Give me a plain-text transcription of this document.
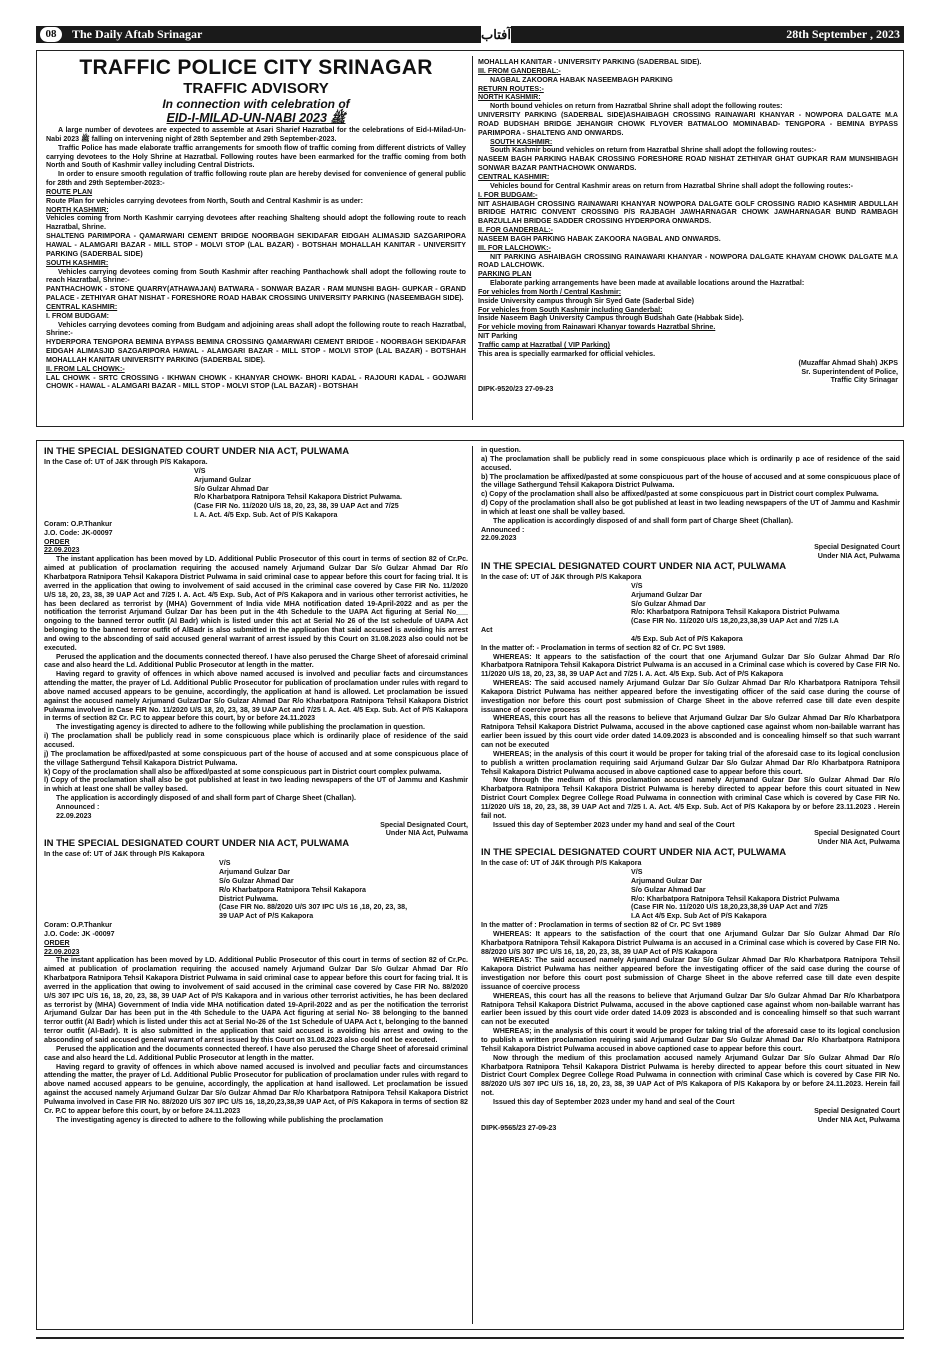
08	The Daily Aftab Srinagar	آفتاب	28th September , 2023
TRAFFIC POLICE CITY SRINAGAR
TRAFFIC ADVISORY
In connection with celebration of
EID-I-MILAD-UN-NABI ﷺ 2023

A large number of devotees are expected to assemble at Asari Sharief Hazratbal for the celebrations of Eid-I-Milad-Un-Nabi ﷺ 2023 falling on intervening night of 28th September and 29th September-2023.

Traffic Police has made elaborate traffic arrangements for smooth flow of traffic coming from different districts of Valley carrying devotees to the Holy Shrine at Hazratbal. Following routes have been earmarked for the traffic coming from both North and South of Kashmir valley including Central Districts.

In order to ensure smooth regulation of traffic following route plan are hereby devised for convenience of general public for 28th and 29th September-2023:-

ROUTE PLAN

Route Plan for vehicles carrying devotees from North, South and Central Kashmir is as under:

NORTH KASHMIR:

Vehicles coming from North Kashmir carrying devotees after reaching Shalteng should adopt the following route to reach Hazratbal, Shrine.

SHALTENG PARIMPORA - QAMARWARI CEMENT BRIDGE NOORBAGH SEKIDAFAR EIDGAH ALIMASJID SAZGARIPORA HAWAL - ALAMGARI BAZAR - MILL STOP - MOLVI STOP (LAL BAZAR) - BOTSHAH MOHALLAH KANITAR - UNIVERSITY PARKING (SADERBAL SIDE)

SOUTH KASHMIR:

Vehicles carrying devotees coming from South Kashmir after reaching Panthachowk shall adopt the following route to reach Hazratbal, Shrine:-

PANTHACHOWK - STONE QUARRY(ATHAWAJAN) BATWARA - SONWAR BAZAR - RAM MUNSHI BAGH- GUPKAR - GRAND PALACE - ZETHIYAR GHAT NISHAT - FORESHORE ROAD HABAK CROSSING UNIVERSITY PARKING (NASEEMBAGH SIDE).

CENTRAL KASHMIR:

I. FROM BUDGAM:

Vehicles carrying devotees coming from Budgam and adjoining areas shall adopt the following route to reach Hazratbal, Shrine:-

HYDERPORA TENGPORA BEMINA BYPASS BEMINA CROSSING QAMARWARI CEMENT BRIDGE - NOORBAGH SEKIDAFAR EIDGAH ALIMASJID SAZGARIPORA HAWAL - ALAMGARI BAZAR - MILL STOP - MOLVI STOP (LAL BAZAR) - BOTSHAH MOHALLAH KANITAR UNIVERSITY PARKING (SADERBAL SIDE).

II. FROM LAL CHOWK:-

LAL CHOWK - SRTC CROSSING - IKHWAN CHOWK - KHANYAR CHOWK- BHORI KADAL - RAJOURI KADAL - GOJWARI CHOWK - HAWAL - ALAMGARI BAZAR - MILL STOP - MOLVI STOP (LAL BAZAR) - BOTSHAH

MOHALLAH KANITAR - UNIVERSITY PARKING (SADERBAL SIDE).

III. FROM GANDERBAL:-

NAGBAL ZAKOORA HABAK NASEEMBAGH PARKING

RETURN ROUTES:-

NORTH KASHMIR:

North bound vehicles on return from Hazratbal Shrine shall adopt the following routes:

UNIVERSITY PARKING (SADERBAL SIDE)ASHAIBAGH CROSSING RAINAWARI KHANYAR - NOWPORA DALGATE M.A ROAD BUDSHAH BRIDGE JEHANGIR CHOWK FLYOVER BATMALOO MOMINABAD- TENGPORA - BEMINA BYPASS PARIMPORA - SHALTENG AND ONWARDS.

SOUTH KASHMIR:

South Kashmir bound vehicles on return from Hazratbal Shrine shall adopt the following routes:-

NASEEM BAGH PARKING HABAK CROSSING FORESHORE ROAD NISHAT ZETHIYAR GHAT GUPKAR RAM MUNSHIBAGH SONWAR BAZAR PANTHACHOWK ONWARDS.

CENTRAL KASHMIR:

Vehicles bound for Central Kashmir areas on return from Hazratbal Shrine shall adopt the following routes:-

I. FOR BUDGAM:-

NIT ASHAIBAGH CROSSING RAINAWARI KHANYAR NOWPORA DALGATE GOLF CROSSING RADIO KASHMIR ABDULLAH BRIDGE HATRIC CONVENT CROSSING P/S RAJBAGH JAWHARNAGAR CHOWK JAWHARNAGAR BUND RAMBAGH BARZULLAH BRIDGE SADDER CROSSING HYDERPORA ONWARDS.

II. FOR GANDERBAL:-

NASEEM BAGH PARKING HABAK ZAKOORA NAGBAL AND ONWARDS.

III. FOR LALCHOWK:-

NIT PARKING ASHAIBAGH CROSSING RAINAWARI KHANYAR - NOWPORA DALGATE KHAYAM CHOWK DALGATE M.A ROAD LALCHOWK.

PARKING PLAN

Elaborate parking arrangements have been made at available locations around the Hazratbal:

For vehicles from North / Central Kashmir:

Inside University campus through Sir Syed Gate (Saderbal Side)

For vehicles from South Kashmir including Ganderbal:

Inside Naseem Bagh University Campus through Budshah Gate (Habbak Side).

For vehicle moving from Rainawari Khanyar towards Hazratbal Shrine.

NIT Parking

Traffic camp at Hazratbal ( VIP Parking)

This area is specially earmarked for official vehicles.

(Muzaffar Ahmad Shah) JKPS

Sr. Superintendent of Police,

Traffic City Srinagar

DIPK-9520/23 27-09-23

IN THE SPECIAL DESIGNATED COURT UNDER NIA ACT, PULWAMA

In the Case of: UT of J&K through P/S Kakapora.

V/S

Arjumand Gulzar

S/o Gulzar Ahmad Dar

R/o Kharbatpora Ratnipora Tehsil Kakapora District Pulwama.

(Case FIR No. 11/2020 U/S 18, 20, 23, 38, 39 UAP Act and 7/25

I. A. Act. 4/5 Exp. Sub. Act of P/S Kakapora

Coram: O.P.Thankur

J.O. Code: JK-00097

ORDER

22.09.2023

The instant application has been moved by LD. Additional Public Prosecutor of this court in terms of section 82 of Cr.Pc. aimed at publication of proclamation requiring the accused namely Arjumand Gulzar Dar S/o Gulzar Ahmad Dar R/o Kharbatpora Ratnipora Tehsil Kakapora District Pulwama in said criminal case to appear before this court for facing trial. It is averred in the application that owing to involvement of said accused in the criminal case covered by Case FIR No. 11/2020 U/S 18, 20, 23, 38, 39 UAP Act and 7/25 I. A. Act. 4/5 Exp. Sub, Act of P/S Kakapora and in various other terrorist activities, he has been declared as terrorist by (MHA) Government of India vide MHA notification dated 19-April-2022 and as per the notification the terrorist Arjumand Gulzar Dar has been put in the 4th Schedule to the UAPA Act figuring at Serial No___ ongoing to the banned terror outfit (Al Badr) which is listed under this act at Serial No 26 of the Ist schedule of UAPA Act belonging to the banned terror outfit of AlBadr is also submitted in the application that said accused is avoiding his arrest and owing to the absconding of said accused general warrant of arrest issued by this Court on 31.08.2023 also could not be executed.

Perused the application and the documents connected thereof. I have also perused the Charge Sheet of aforesaid criminal case and also heard the Ld. Additional Public Prosecutor at length in the matter.

Having regard to gravity of offences in which above named accused is involved and peculiar facts and circumstances attending the matter, the prayer of Ld. Additional Public Prosecutor for publication of proclamation under rules with regard to above named accused appears to be genuine, accordingly, the application at hand is allowed. Let proclamation be issued against the accused namely Arjumand GulzarDar S/o Gulzar Ahmad Dar R/o Kharbatpora Ratnipora Tehsil Kakapora District Pulwama involved in Case FIR No. 11/2020 U/S 18, 20, 23, 38, 39 UAP Act and 7/25 I. A. Act. 4/5 Exp. Sub. Act of P/S Kakapora in terms of section 82 Cr. P.C to appear before this court, by or before 24.11.2023

The investigating agency is directed to adhere to the following while publishing the proclamation in question.

i) The proclamation shall be publicly read in some conspicuous place which is ordinarily place of residence of the said accused.

j) The proclamation be affixed/pasted at some conspicuous part of the house of accused and at some conspicuous place of the village Sathergund Tehsil Kakapora District Pulwama.

k) Copy of the proclamation shall also be affixed/pasted at some conspicuous part in District court complex pulwama.

l) Copy of the proclamation shall also be got published at least in two leading newspapers of the UT of Jammu and Kashmir in which at least one shall be valley based.

The application is accordingly disposed of and shall form part of Charge Sheet (Challan).

Announced :

22.09.2023

Special Designated Court,

Under NIA Act, Pulwama

IN THE SPECIAL DESIGNATED COURT UNDER NIA ACT, PULWAMA

In the case of: UT of J&K through P/S Kakapora

V/S

Arjumand Gulzar Dar

S/o Gulzar Ahmad Dar

R/o Kharbatpora Ratnipora Tehsil Kakapora

District Pulwama.

(Case FIR No. 88/2020 U/S 307 IPC U/S 16 ,18, 20, 23, 38,

39 UAP Act of P/S Kakapora

Coram: O.P.Thankur

J.O. Code: JK -00097

ORDER

22.09.2023

The instant application has been moved by LD. Additional Public Prosecutor of this court in terms of section 82 of Cr.Pc. aimed at publication of proclamation requiring the accused namely Arjumand Gulzar Dar S/o Gulzar Ahmad Dar R/o Kharbatpora Ratnipora Tehsil Kakapora District Pulwama in said criminal case to appear before this court for facing trial. It is averred in the application that owing to involvement of said accused in the criminal case covered by Case FIR No. 88/2020 U/S 307 IPC U/S 16, 18, 20, 23, 38, 39 UAP Act of P/S Kakapora and in various other terrorist activities, he has been declared as terrorist by (MHA) Government of India vide MHA notification dated 19-April-2022 and as per the notification the terrorist Arjumand Gulzar Dar has been put in the 4th Schedule to the UAPA Act figuring at serial No- 38 belonging to the banned terror outfit (Al Badr) which is listed under this act at Serial No-26 of the 1st Schedule of UAPA Act t, belonging to the banned terror outfit (Al-Badr). It is also submitted in the application that said accused is avoiding his arrest and owing to the absconding of said accused general warrant of arrest issued by this Court on 31.08.2023 also could not be executed.

Perused the application and the documents connected thereof. I have also perused the Charge Sheet of aforesaid criminal case and also heard the Ld. Additional Public Prosecutor at length in the matter.

Having regard to gravity of offences in which above named accused is involved and peculiar facts and circumstances attending the matter, the prayer of Ld. Additional Public Prosecutor for publication of proclamation under rules with regard to above named accused appears to be genuine, accordingly, the application at hand isallowed. Let proclamation be issued against the accused namely Arjumand Gulzar Dar S/o Gulzar Ahmad Dar R/o Kharbatpora Ratnipora Tehsil Kakapora District Pulwama involved in Case FIR No. 88/2020 U/S 307 IPC U/S 16, 18,20,23,38,39 UAP Act, of P/S Kakapora in terms of section 82 Cr. P.C to appear before this court, by or before 24.11.2023

The investigating agency is directed to adhere to the following while publishing the proclamation

in question.

a) The proclamation shall be publicly read in some conspicuous place which is ordinarily p ace of residence of the said accused.

b) The proclamation be affixed/pasted at some conspicuous part of the house of accused and at some conspicuous place of the village Sathergund Tehsil Kakapora District Pulwama.

c) Copy of the proclamation shall also be affixed/pasted at some conspicuous part in District court complex Pulwama.

d) Copy of the proclamation shall also be got published at least in two leading newspapers of the UT of Jammu and Kashmir in which at least one shall be valley based.

The application is accordingly disposed of and shall form part of Charge Sheet (Challan).

Announced :

22.09.2023

Special Designated Court

Under NIA Act, Pulwama

IN THE SPECIAL DESIGNATED COURT UNDER NIA ACT, PULWAMA

In the case of: UT of J&K through P/S Kakapora

V/S

Arjumand Gulzar Dar

S/o Gulzar Ahmad Dar

R/o: Kharbatpora Ratnipora Tehsil Kakapora District Pulwama

(Case FIR No. 11/2020 U/S 18,20,23,38,39 UAP Act and 7/25 I.A

Act

4/5 Exp. Sub Act of P/S Kakapora

In the matter of: - Proclamation in terms of section 82 of Cr. PC Svt 1989.

WHEREAS: It appears to the satisfaction of the court that one Arjumand Gulzar Dar S/o Gulzar Ahmad Dar R/o Kharbatpora Ratnipora Tehsil Kakapora District Pulwama is an accused in a Criminal case which is covered by Case FIR No. 11/2020 U/S 18, 20, 23, 38, 39 UAP Act and 7/25 I. A. Act. 4/5 Exp. Sub. Act of P/S Kakapora

WHEREAS: The said accused namely Arjumand Gulzar Dar S/o Gulzar Ahmad Dar R/o Kharbatpora Ratnipora Tehsil Kakapora District Pulwama has neither appeared before the investigating officer of the said case during the course of investigation nor before this court post submission of Charge Sheet in the above referred case till date even despite issuance of coercive process

WHEREAS, this court has all the reasons to believe that Arjumand Gulzar Dar S/o Gulzar Ahmad Dar R/o Kharbatpora Ratnipora Tehsil Kakapora District Pulwama, accused in the above captioned case against whom non-bailable warrant has earlier been issued by this court vide order dated 14.09.2023 is absconded and is concealing himself so that such warrant can not be executed

WHEREAS; in the analysis of this court it would be proper for taking trial of the aforesaid case to its logical conclusion to publish a written proclamation requiring said Arjumand Gulzar Dar S/o Gulzar Ahmad Dar R/o Kharbatpora Ratnipora Tehsil Kakapora District Pulwama accused in above captioned case to appear before this court.

Now through the medium of this proclamation accused namely Arjumand Gulzar Dar S/o Gulzar Ahmad Dar R/o Kharbatpora Ratnipora Tehsil Kakapora District Pulwama is hereby directed to appear before this court situated in New District Court Complex Degree College Road Pulwama in connection with criminal Case which is covered by Case FIR No. 11/2020 U/S 18, 20, 23, 38, 39 UAP Act and 7/25 I. A. Act. 4/5 Exp. Sub. Act of P/S Kakapora by or before 23.11.2023 . Herein fail not.

Issued this day of September 2023 under my hand and seal of the Court

Special Designated Court

Under NIA Act, Pulwama

IN THE SPECIAL DESIGNATED COURT UNDER NIA ACT, PULWAMA

In the case of: UT of J&K through P/S Kakapora

V/S

Arjumand Gulzar Dar

S/o Gulzar Ahmad Dar

R/o: Kharbatpora Ratnipora Tehsil Kakapora District Pulwama

(Case FIR No. 11/2020 U/S 18,20,23,38,39 UAP Act and 7/25

I.A Act 4/5 Exp. Sub Act of P/S Kakapora

In the matter of : Proclamation in terms of section 82 of Cr. PC Svt 1989

WHEREAS: It appears to the satisfaction of the court that one Arjumand Gulzar Dar S/o Gulzar Ahmad Dar R/o Kharbatpora Ratnipora Tehsil Kakapora District Pulwama is an accused in a Criminal case which is covered by Case FIR No. 88/2020 U/S 307 IPC U/S 16, 18, 20, 23, 38, 39 UAP Act of P/S Kakapora

WHEREAS: The said accused namely Arjumand Gulzar Dar S/o Gulzar Ahmad Dar R/o Kharbatpora Ratnipora Tehsil Kakapora District Pulwama has neither appeared before the investigating officer of the said case during the course of investigation nor before this court post submission of Charge Sheet in the above referred case till date even despite issuance of coercive process

WHEREAS, this court has all the reasons to believe that Arjumand Gulzar Dar S/o Gulzar Ahmad Dar R/o Kharbatpora Ratnipora Tehsil Kakapora District Pulwama, accused in the above captioned case against whom non-bailable warrant has earlier been issued by this court vide order dated 14.09 2023 is absconded and is concealing himself so that such warrant can not be executed

WHEREAS; in the analysis of this court it would be proper for taking trial of the aforesaid case to its logical conclusion to publish a written proclamation requiring said Arjumand Gulzar Dar S/o Gulzar Ahmad Dar R/o Kharbatpora Ratnipora Tehsil Kakapora District Pulwama accused in above captioned case to appear before this court.

Now through the medium of this proclamation accused namely Arjumand Gulzar Dar S/o Gulzar Ahmad Dar R/o Kharbatpora Ratnipora Tehsil Kakapora District Pulwama is hereby directed to appear before this court situated in New District Court Complex Degree College Road Pulwama in connection with criminal Case which is covered by Case FIR No. 88/2020 U/S 307 IPC U/S 16, 18, 20, 23, 38, 39 UAP Act of P/S Kakapora of P/S Kakapora by or before 24.11.2023. Herein fail not.

Issued this day of September 2023 under my hand and seal of the Court

Special Designated Court

Under NIA Act, Pulwama

DIPK-9565/23 27-09-23
